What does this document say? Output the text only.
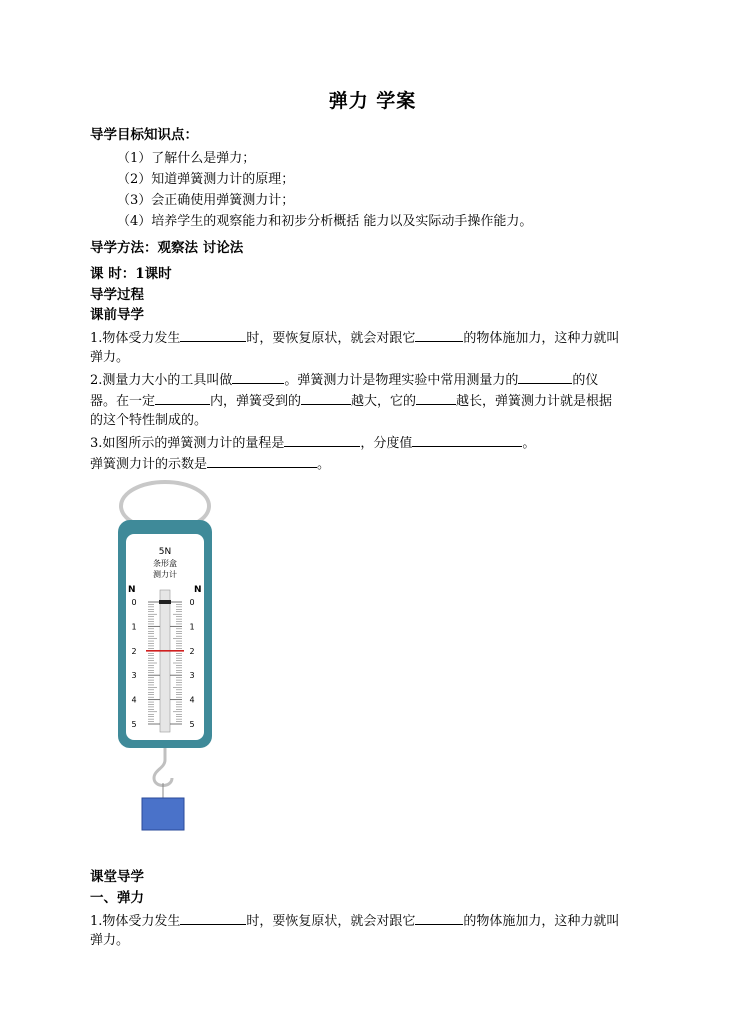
弹力 学案
导学目标知识点：
（1）了解什么是弹力；
（2）知道弹簧测力计的原理；
（3）会正确使用弹簧测力计；
（4）培养学生的观察能力和初步分析概括 能力以及实际动手操作能力。
导学方法：观察法 讨论法
课 时：1课时
导学过程
课前导学
1.物体受力发生	时，要恢复原状，就会对跟它	的物体施加力，这种力就叫
弹力。
2.测量力大小的工具叫做	。弹簧测力计是物理实验中常用测量力的	的仪
器。在一定	内，弹簧受到的	越大，它的	越长，弹簧测力计就是根据
的这个特性制成的。
3.如图所示的弹簧测力计的量程是	，分度值	。
弹簧测力计的示数是	。
5N
条形盒
测力计
N	N
0	0
1	1
2	2
3	3
4	4
5	5
课堂导学
一、弹力
1.物体受力发生	时，要恢复原状，就会对跟它	的物体施加力，这种力就叫
弹力。
